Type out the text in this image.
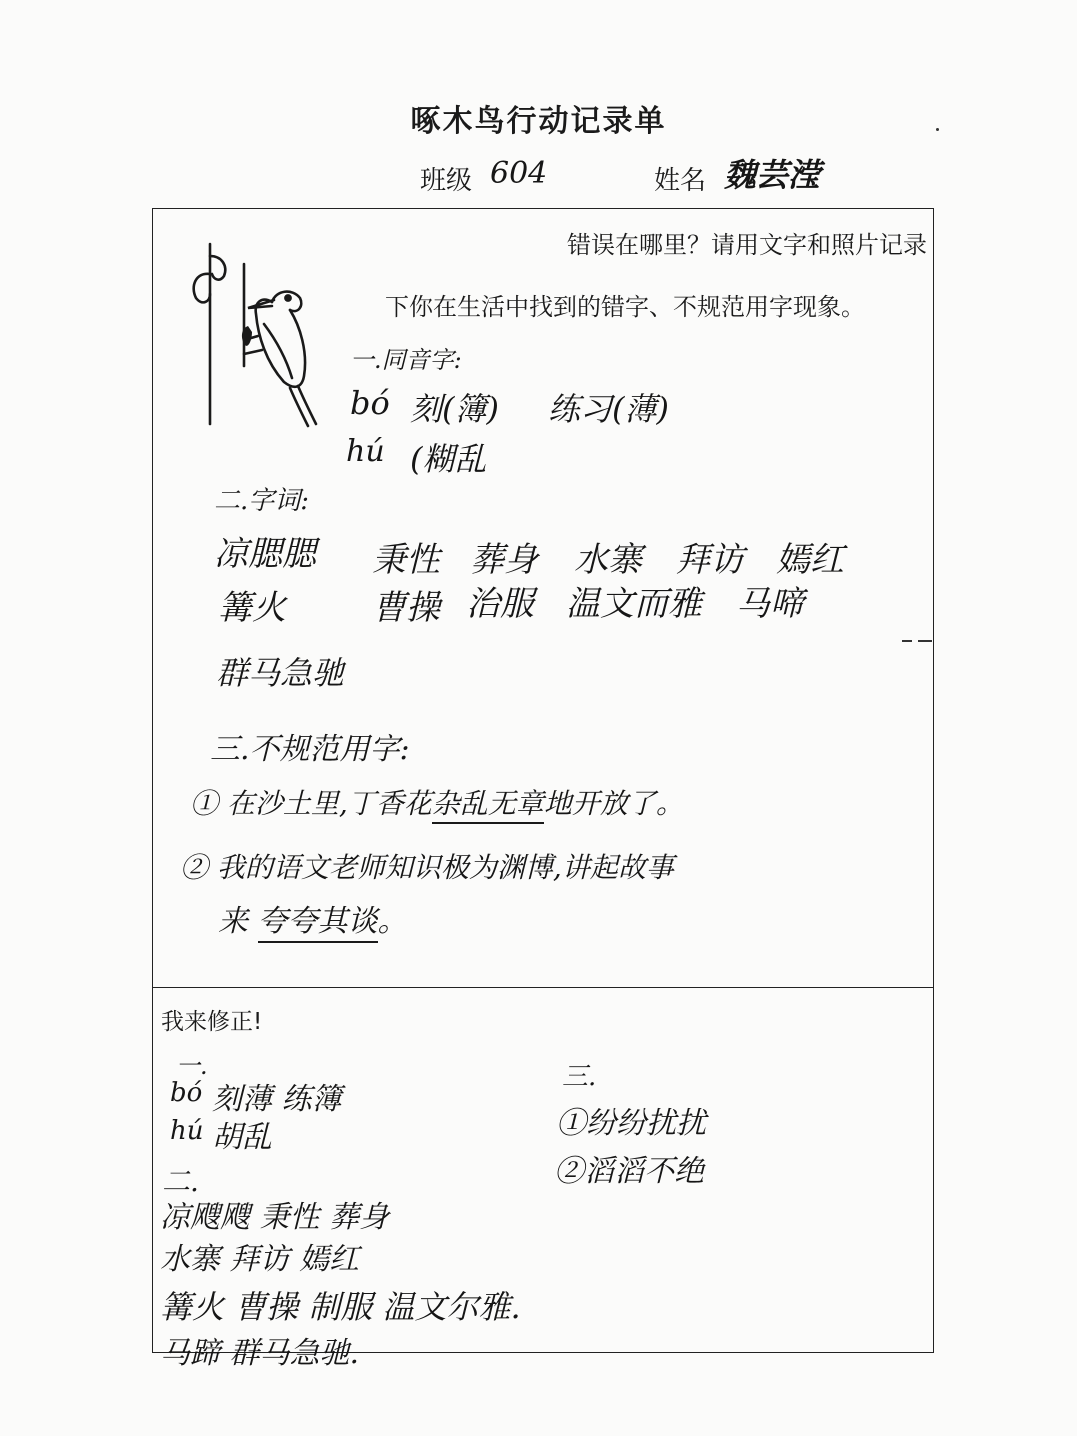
啄木鸟行动记录单
班级 604	姓名 魏芸滢
错误在哪里？请用文字和照片记录
下你在生活中找到的错字、不规范用字现象。
我来修正!
一.同音字:
bó 刻(簿) 练习(薄)
hú (糊乱
二.字词:
凉腮腮 秉性 葬身 水寨 拜访 嫣红
篝火	曹操 治服 温文而雅 马啼
群马急驰
三.不规范用字:
① 在沙土里,丁香花杂乱无章地开放了。
② 我的语文老师知识极为渊博,讲起故事
来 夸夸其谈。
一.
bó 刻薄 练簿
hú 胡乱
二.
凉飕飕 秉性 葬身
水寨 拜访 嫣红
篝火 曹操 制服 温文尔雅.
马蹄 群马急驰.
三.
①纷纷扰扰
②滔滔不绝
